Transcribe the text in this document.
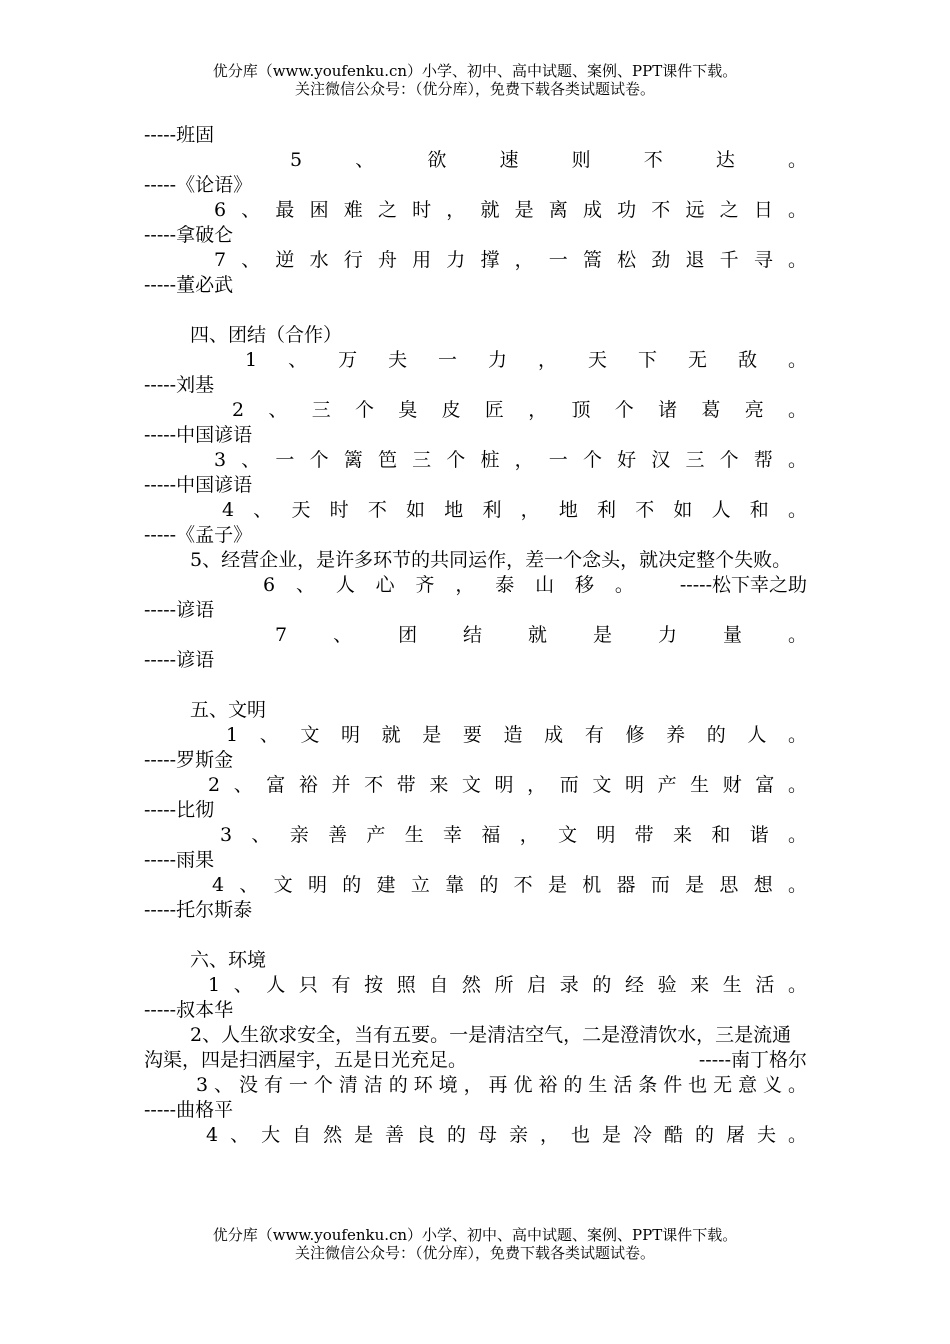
优分库（www.youfenku.cn）小学、初中、高中试题、案例、PPT课件下载。
关注微信公众号：（优分库），免费下载各类试题试卷。

-----班固

5、欲速则不达。

-----《论语》

6、最困难之时，就是离成功不远之日。

-----拿破仑

7、逆水行舟用力撑，一篙松劲退千寻。

-----董必武

四、团结（合作）

1、万夫一力，天下无敌。

-----刘基

2、三个臭皮匠，顶个诸葛亮。

-----中国谚语

3、一个篱笆三个桩，一个好汉三个帮。

-----中国谚语

4、天时不如地利，地利不如人和。

-----《孟子》

5、经营企业，是许多环节的共同运作，差一个念头，就决定整个失败。
-----松下幸之助

6、人心齐，泰山移。

-----谚语

7、团结就是力量。

-----谚语

五、文明

1、文明就是要造成有修养的人。

-----罗斯金

2、富裕并不带来文明，而文明产生财富。

-----比彻

3、亲善产生幸福，文明带来和谐。

-----雨果

4、文明的建立靠的不是机器而是思想。

-----托尔斯泰

六、环境

1、人只有按照自然所启录的经验来生活。

-----叔本华

2、人生欲求安全，当有五要。一是清洁空气，二是澄清饮水，三是流通沟渠，四是扫洒屋宇，五是日光充足。	-----南丁格尔

3、没有一个清洁的环境，再优裕的生活条件也无意义。

-----曲格平

4、大自然是善良的母亲，也是冷酷的屠夫。

优分库（www.youfenku.cn）小学、初中、高中试题、案例、PPT课件下载。
关注微信公众号：（优分库），免费下载各类试题试卷。
